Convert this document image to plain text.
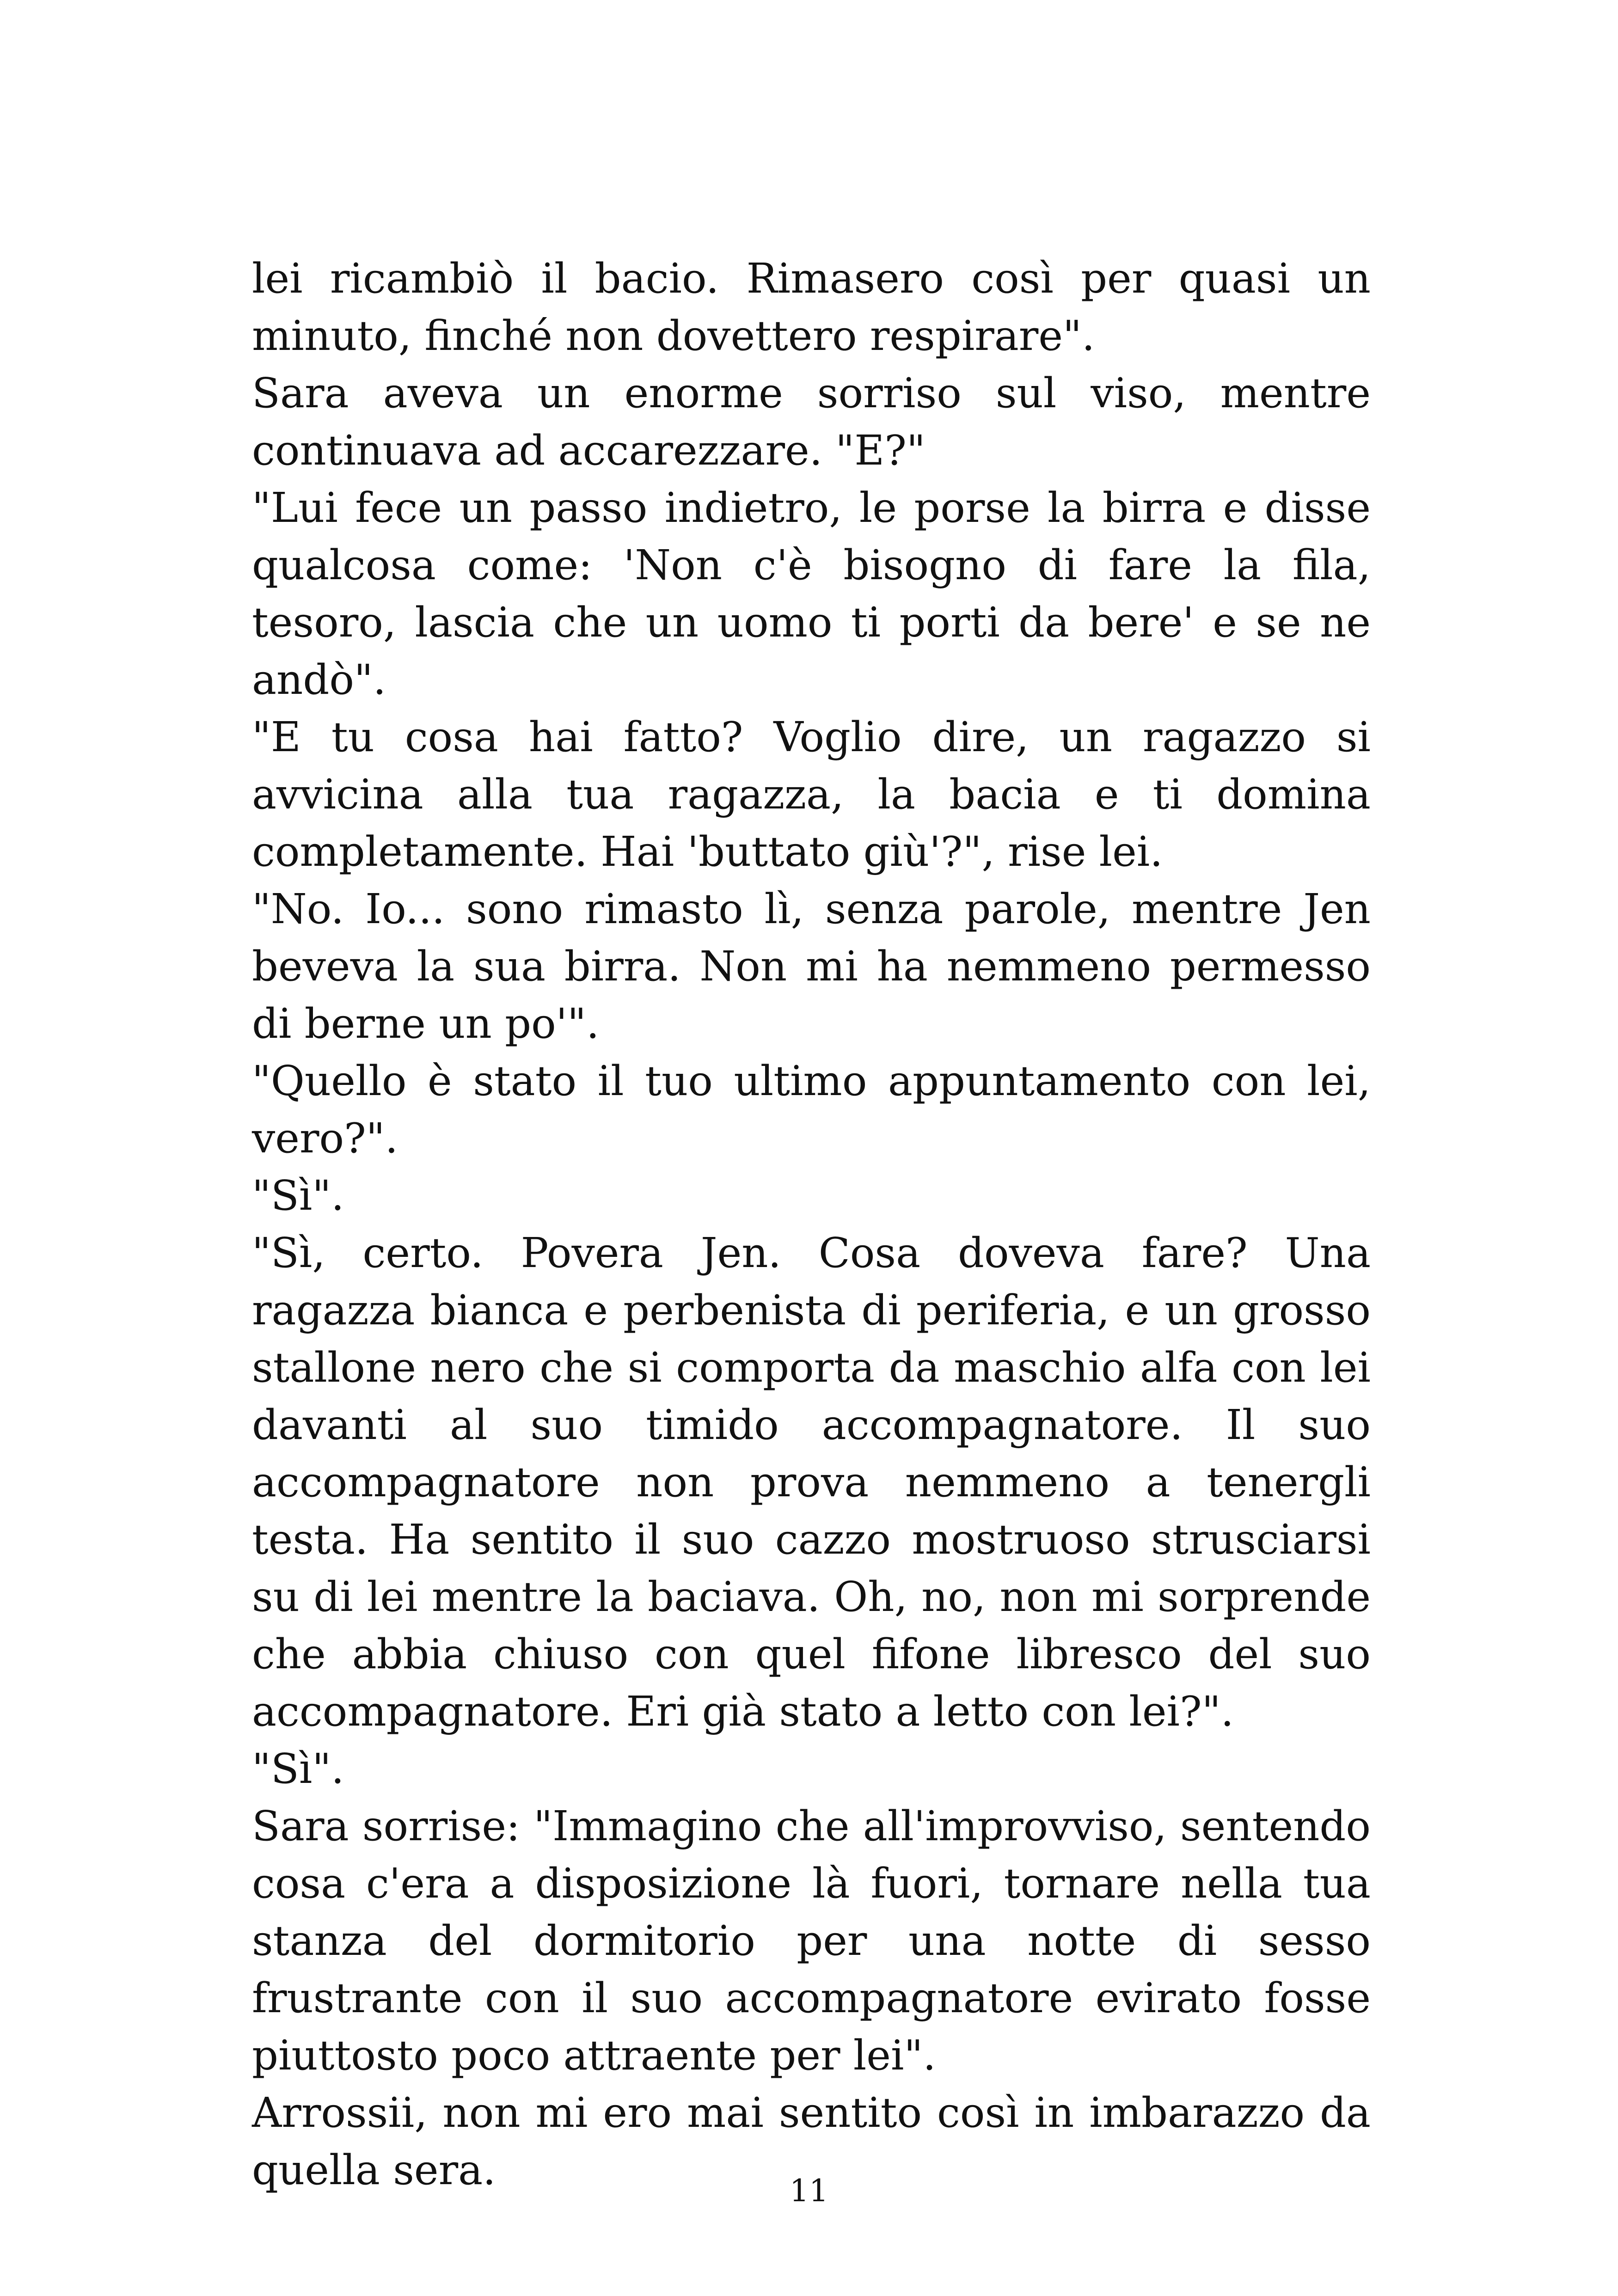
lei ricambiò il bacio. Rimasero così per quasi un minuto, finché non dovettero respirare".

Sara aveva un enorme sorriso sul viso, mentre continuava ad accarezzare. "E?"

"Lui fece un passo indietro, le porse la birra e disse qualcosa come: 'Non c'è bisogno di fare la fila, tesoro, lascia che un uomo ti porti da bere' e se ne andò".

"E tu cosa hai fatto? Voglio dire, un ragazzo si avvicina alla tua ragazza, la bacia e ti domina completamente. Hai 'buttato giù'?", rise lei.

"No. Io... sono rimasto lì, senza parole, mentre Jen beveva la sua birra. Non mi ha nemmeno permesso di berne un po'".

"Quello è stato il tuo ultimo appuntamento con lei, vero?".

"Sì".

"Sì, certo. Povera Jen. Cosa doveva fare? Una ragazza bianca e perbenista di periferia, e un grosso stallone nero che si comporta da maschio alfa con lei davanti al suo timido accompagnatore. Il suo accompagnatore non prova nemmeno a tenergli testa. Ha sentito il suo cazzo mostruoso strusciarsi su di lei mentre la baciava. Oh, no, non mi sorprende che abbia chiuso con quel fifone libresco del suo accompagnatore. Eri già stato a letto con lei?".

"Sì".

Sara sorrise: "Immagino che all'improvviso, sentendo cosa c'era a disposizione là fuori, tornare nella tua stanza del dormitorio per una notte di sesso frustrante con il suo accompagnatore evirato fosse piuttosto poco attraente per lei".

Arrossii, non mi ero mai sentito così in imbarazzo da quella sera.	11
